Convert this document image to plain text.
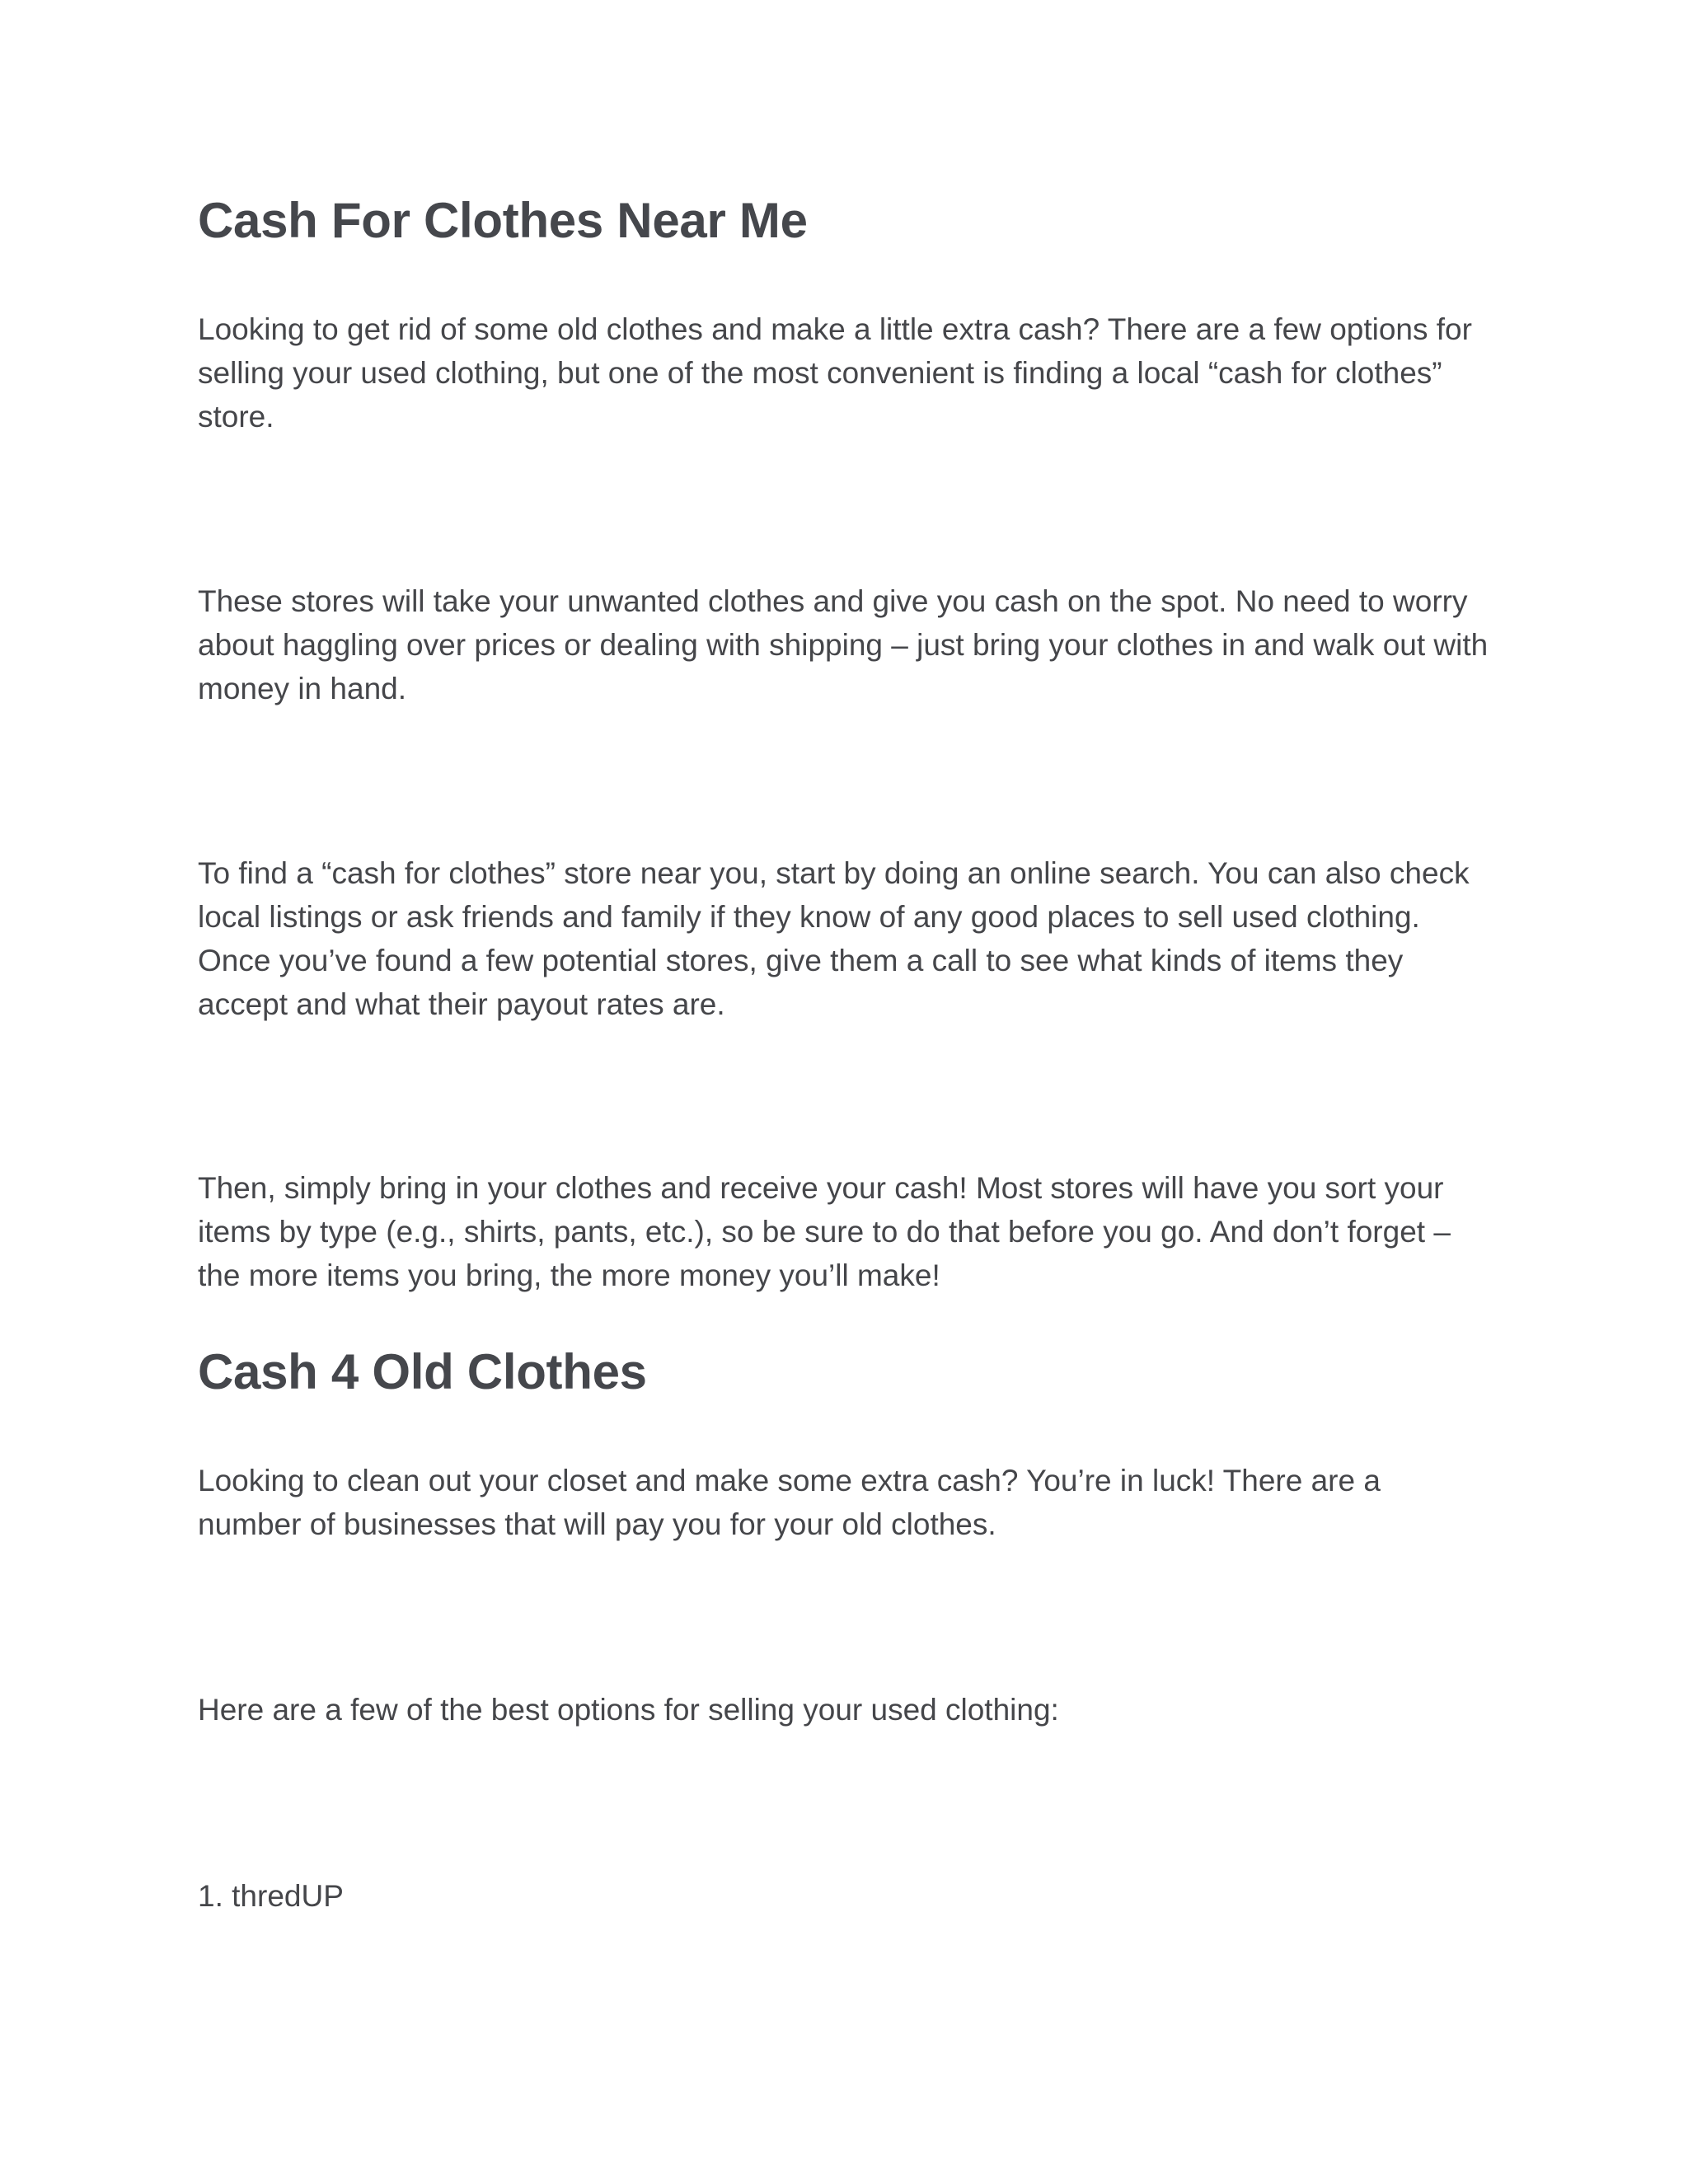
Cash For Clothes Near Me

Looking to get rid of some old clothes and make a little extra cash? There are a few options for selling your used clothing, but one of the most convenient is finding a local “cash for clothes” store.

These stores will take your unwanted clothes and give you cash on the spot. No need to worry about haggling over prices or dealing with shipping – just bring your clothes in and walk out with money in hand.

To find a “cash for clothes” store near you, start by doing an online search. You can also check local listings or ask friends and family if they know of any good places to sell used clothing. Once you’ve found a few potential stores, give them a call to see what kinds of items they accept and what their payout rates are.

Then, simply bring in your clothes and receive your cash! Most stores will have you sort your items by type (e.g., shirts, pants, etc.), so be sure to do that before you go. And don’t forget – the more items you bring, the more money you’ll make!

Cash 4 Old Clothes

Looking to clean out your closet and make some extra cash? You’re in luck! There are a number of businesses that will pay you for your old clothes.

Here are a few of the best options for selling your used clothing:

1. thredUP
